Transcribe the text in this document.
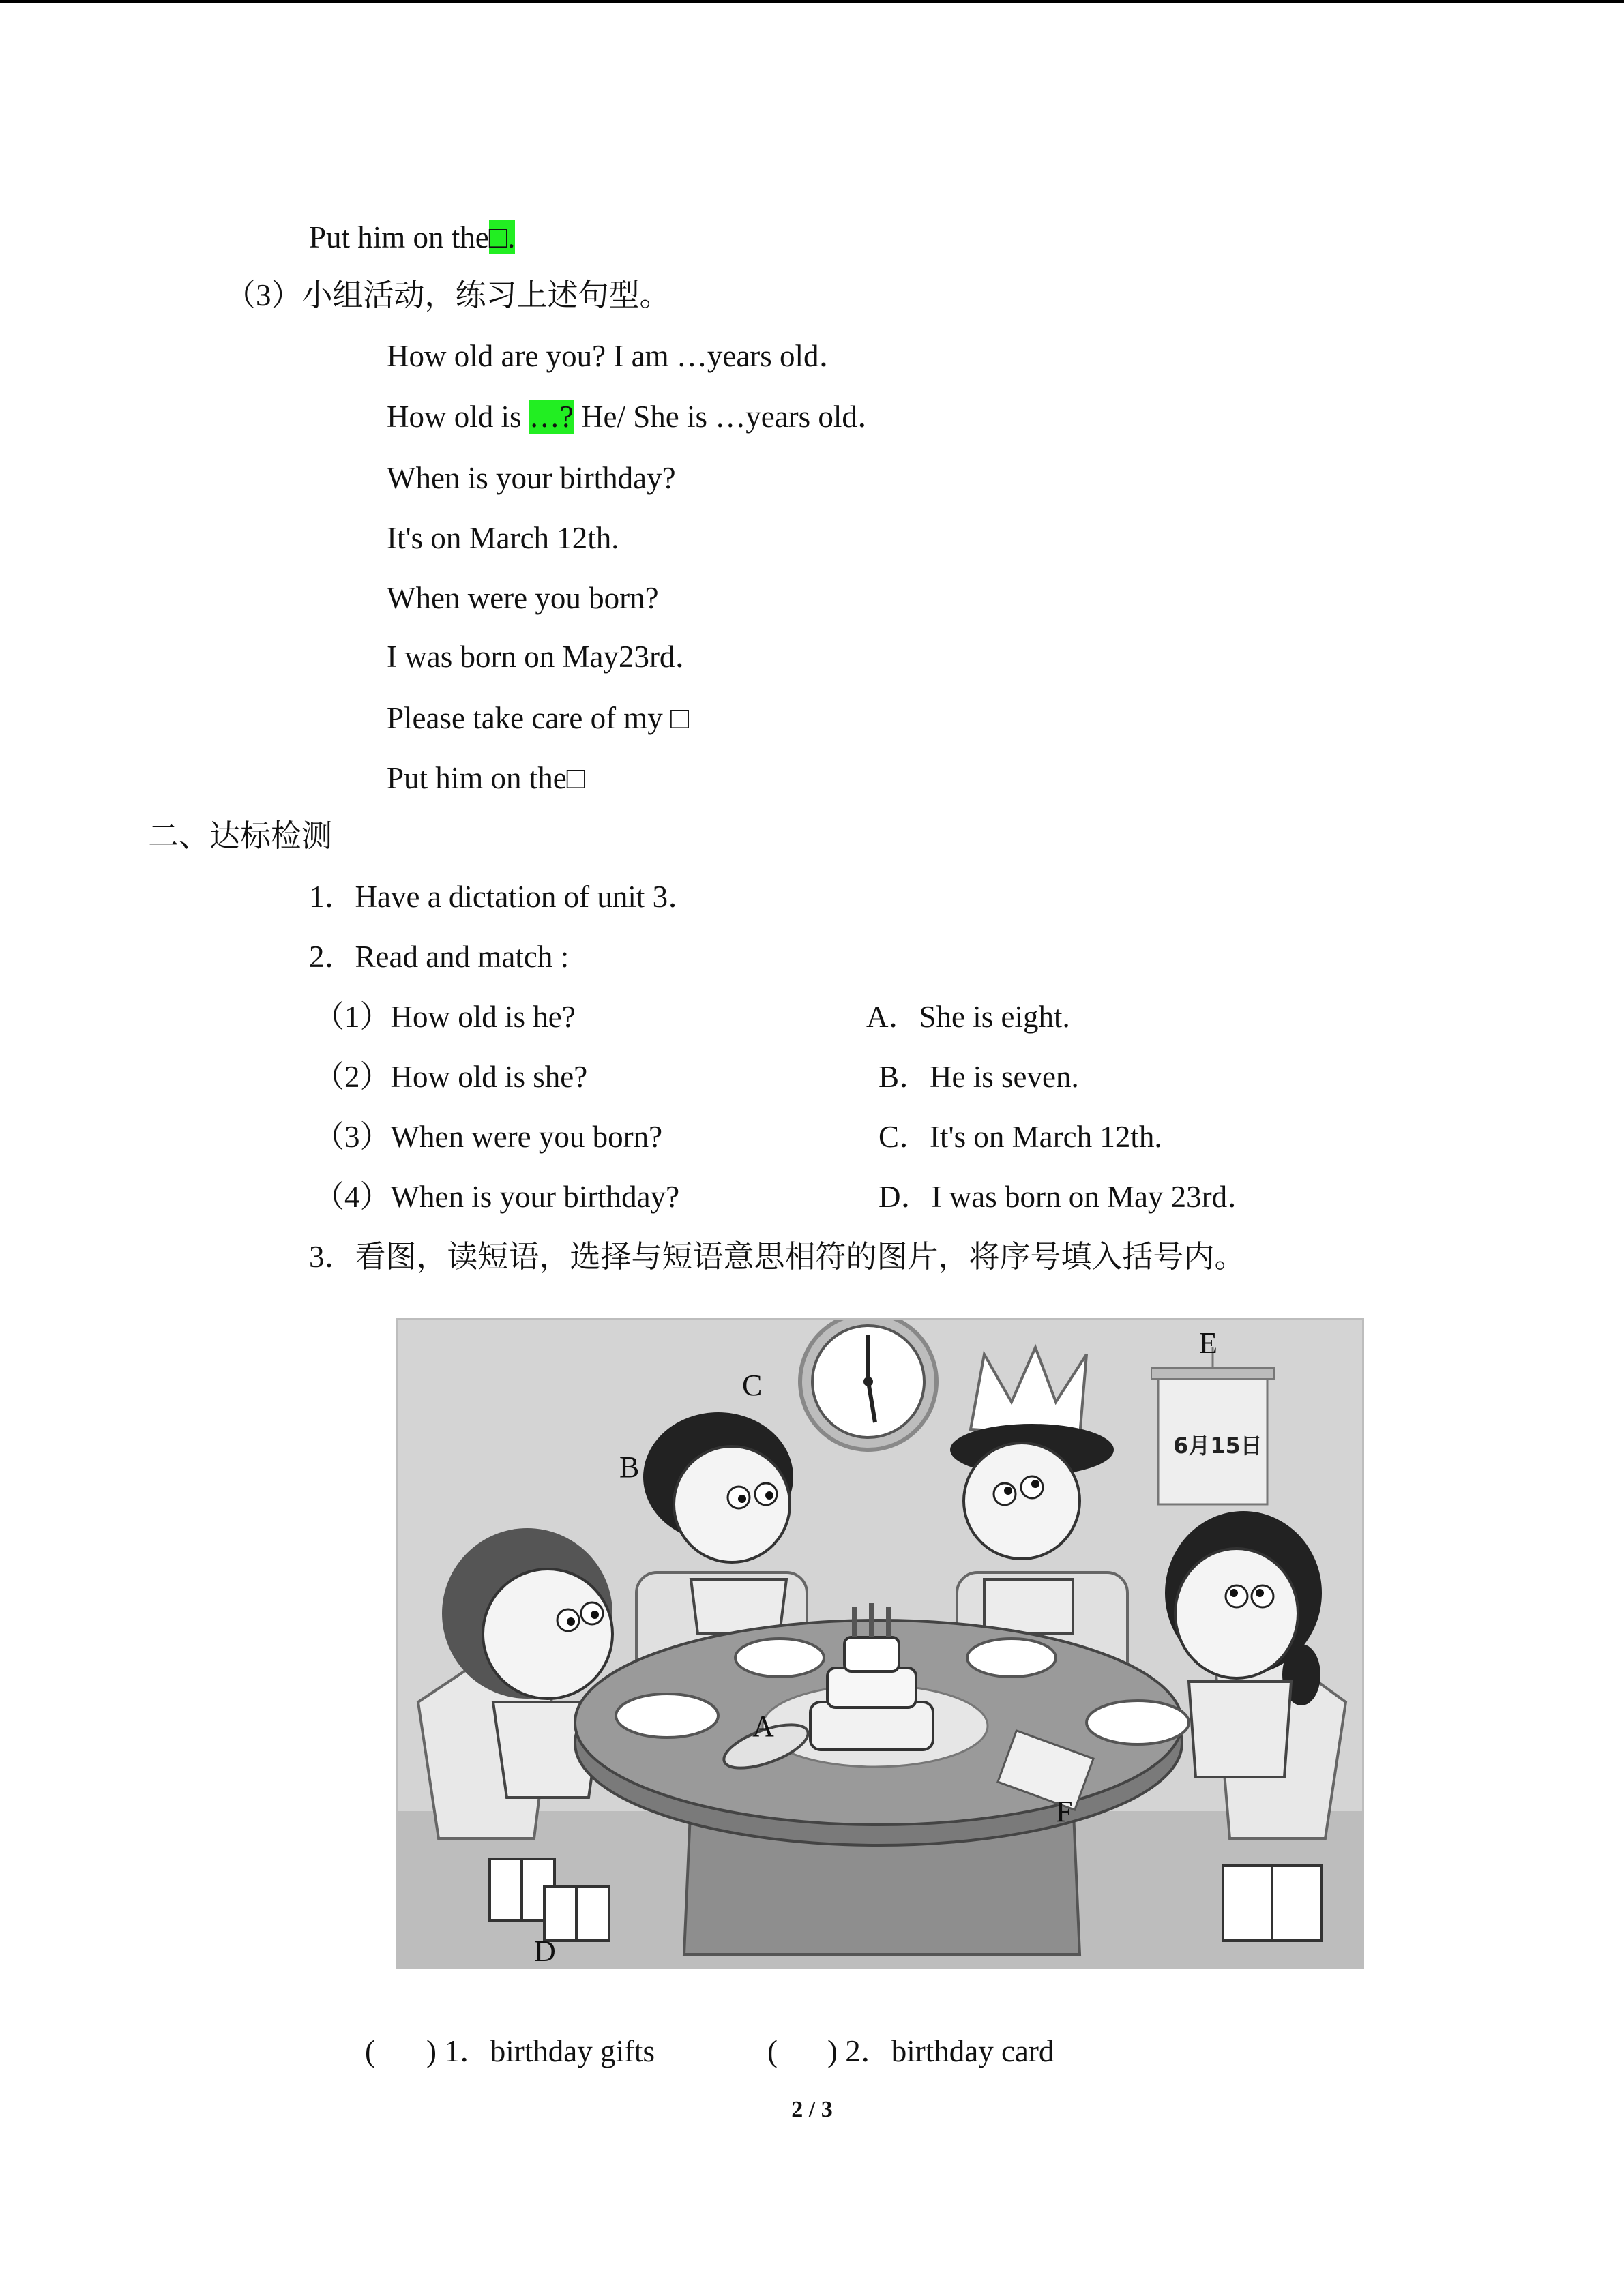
Put him on the□.
（3）小组活动，练习上述句型。
How old are you? I am …years old．
How old is …? He/ She is …years old．
When is your birthday?
It's on March 12th.
When were you born?
I was born on May23rd．
Please take care of my □
Put him on the□
二、达标检测
1．Have a dictation of unit 3．
2．Read and match :
（1）How old is he?
（2）How old is she?
（3）When were you born?
（4）When is your birthday?
A．She is eight.
B．He is seven.
C．It's on March 12th.
D．I was born on May 23rd．
3．看图，读短语，选择与短语意思相符的图片，将序号填入括号内。
A
B
C
D
E
F
6月15日
( ) 1．birthday gifts	( ) 2．birthday card
2 / 3
